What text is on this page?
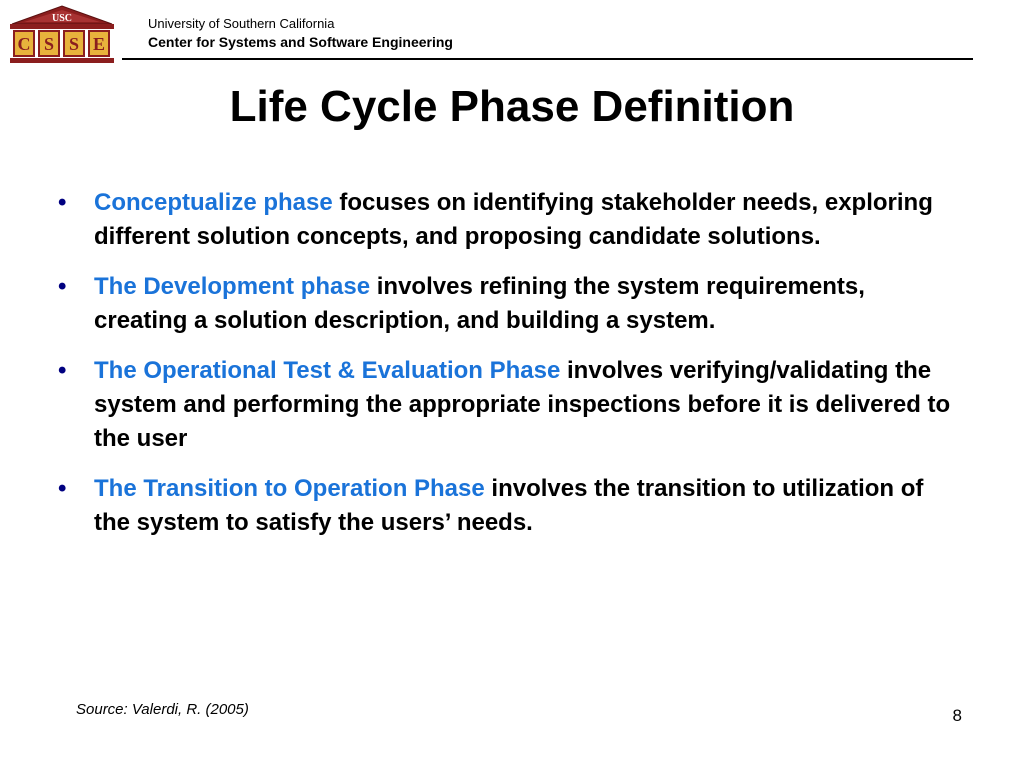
USC
C S S E
University of Southern California
Center for Systems and Software Engineering
Life Cycle Phase Definition
•	Conceptualize phase focuses on identifying stakeholder needs, exploring different solution concepts, and proposing candidate solutions.
•	The Development phase involves refining the system requirements, creating a solution description, and building a system.
•	The Operational Test & Evaluation Phase involves verifying/validating the system and performing the appropriate inspections before it is delivered to the user
•	The Transition to Operation Phase involves the transition to utilization of the system to satisfy the users’ needs.
Source: Valerdi, R. (2005)	8
